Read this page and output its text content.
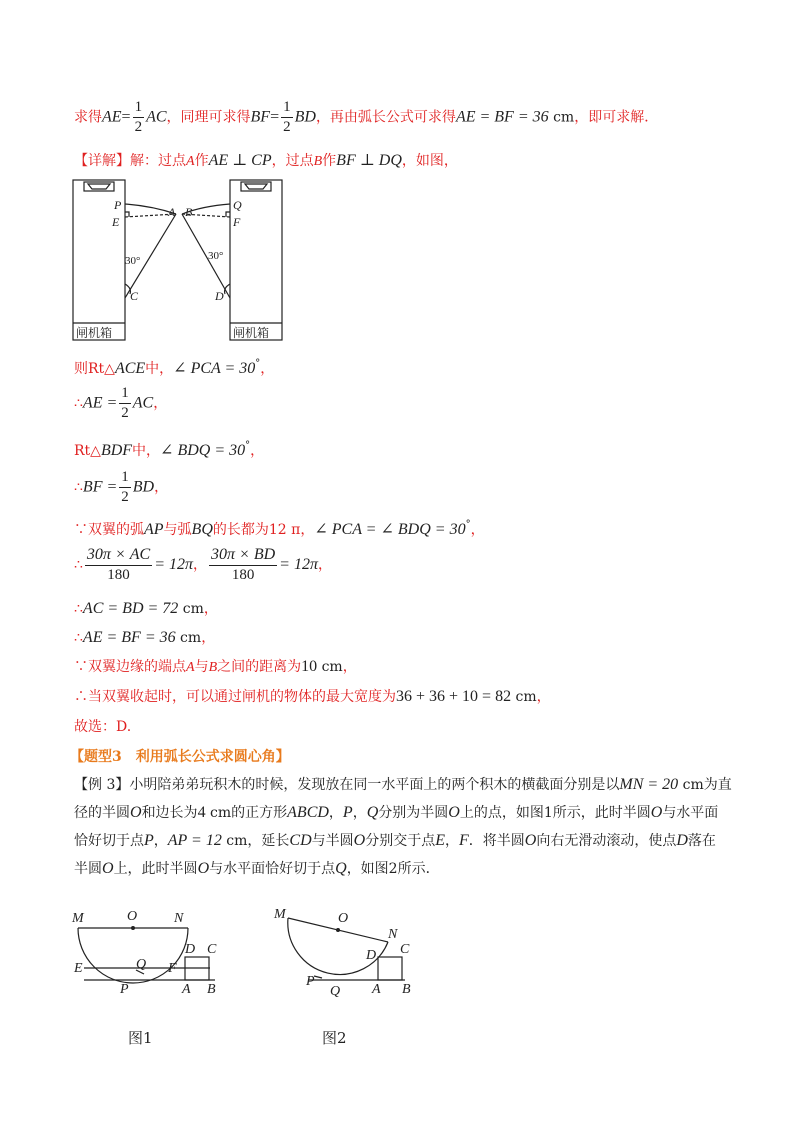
求得$AE= \frac{1}{2}$ AC，同理可求得$BF= \frac{1}{2}$ BD，再由弧长公式可求得AE = BF = 36 cm，即可求解．
【详解】解：过点A作AE ⊥ CP，过点B作BF ⊥ DQ，如图，
P
E
A
C
B	Q
F
D
30°	30°
闸机箱	闸机箱
则Rt△ACE中，∠ PCA = 30°，
∴AE = $\frac{1}{2}$ AC，
Rt△BDF中，∠ BDQ = 30°，
∴BF = $\frac{1}{2}$ BD，
∵双翼的弧AP与弧BQ的长都为12 π，∠ PCA = ∠ BDQ = 30°，
∴ $\frac{30\pi \times AC}{180} = 12\pi$， $\frac{30\pi \times BD}{180} = 12\pi$，
∴AC = BD = 72 cm，
∴AE = BF = 36 cm，
∵双翼边缘的端点A与B之间的距离为10 cm，
∴当双翼收起时，可以通过闸机的物体的最大宽度为36 + 36 + 10 = 82 cm，
故选：D.
【题型3　利用弧长公式求圆心角】
【例 3】小明陪弟弟玩积木的时候，发现放在同一水平面上的两个积木的横截面分别是以MN = 20 cm为直
径的半圆O和边长为4 cm的正方形ABCD，P，Q分别为半圆O上的点，如图1所示，此时半圆O与水平面
恰好切于点P，AP = 12 cm，延长CD与半圆O分别交于点E，F．将半圆O向右无滑动滚动，使点D落在
半圆O上，此时半圆O与水平面恰好切于点Q，如图2所示．
M	O	N
D C
E	Q F
P	A B
M	O
N
D C
P
Q A B
图1	图2
